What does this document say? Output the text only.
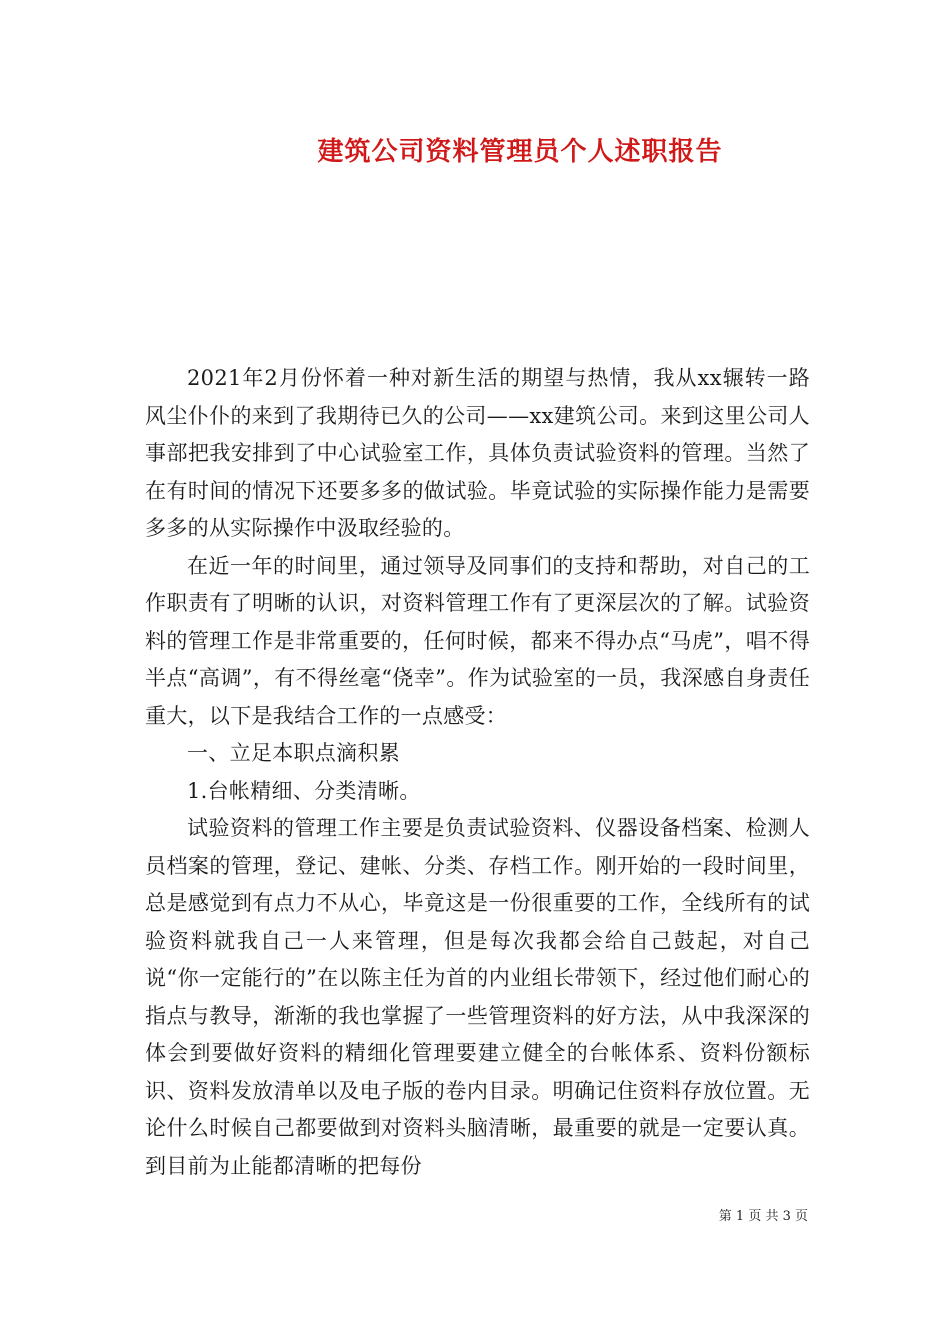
建筑公司资料管理员个人述职报告

2021年2月份怀着一种对新生活的期望与热情，我从xx辗转一路风尘仆仆的来到了我期待已久的公司——xx建筑公司。来到这里公司人事部把我安排到了中心试验室工作，具体负责试验资料的管理。当然了在有时间的情况下还要多多的做试验。毕竟试验的实际操作能力是需要多多的从实际操作中汲取经验的。

在近一年的时间里，通过领导及同事们的支持和帮助，对自己的工作职责有了明晰的认识，对资料管理工作有了更深层次的了解。试验资料的管理工作是非常重要的，任何时候，都来不得办点“马虎”，唱不得半点“高调”，有不得丝毫“侥幸”。作为试验室的一员，我深感自身责任重大，以下是我结合工作的一点感受：

一、立足本职点滴积累

1.台帐精细、分类清晰。

试验资料的管理工作主要是负责试验资料、仪器设备档案、检测人员档案的管理，登记、建帐、分类、存档工作。刚开始的一段时间里，总是感觉到有点力不从心，毕竟这是一份很重要的工作，全线所有的试验资料就我自己一人来管理，但是每次我都会给自己鼓起，对自己说“你一定能行的”在以陈主任为首的内业组长带领下，经过他们耐心的指点与教导，渐渐的我也掌握了一些管理资料的好方法，从中我深深的体会到要做好资料的精细化管理要建立健全的台帐体系、资料份额标识、资料发放清单以及电子版的卷内目录。明确记住资料存放位置。无论什么时候自己都要做到对资料头脑清晰，最重要的就是一定要认真。到目前为止能都清晰的把每份

第 1 页 共 3 页
